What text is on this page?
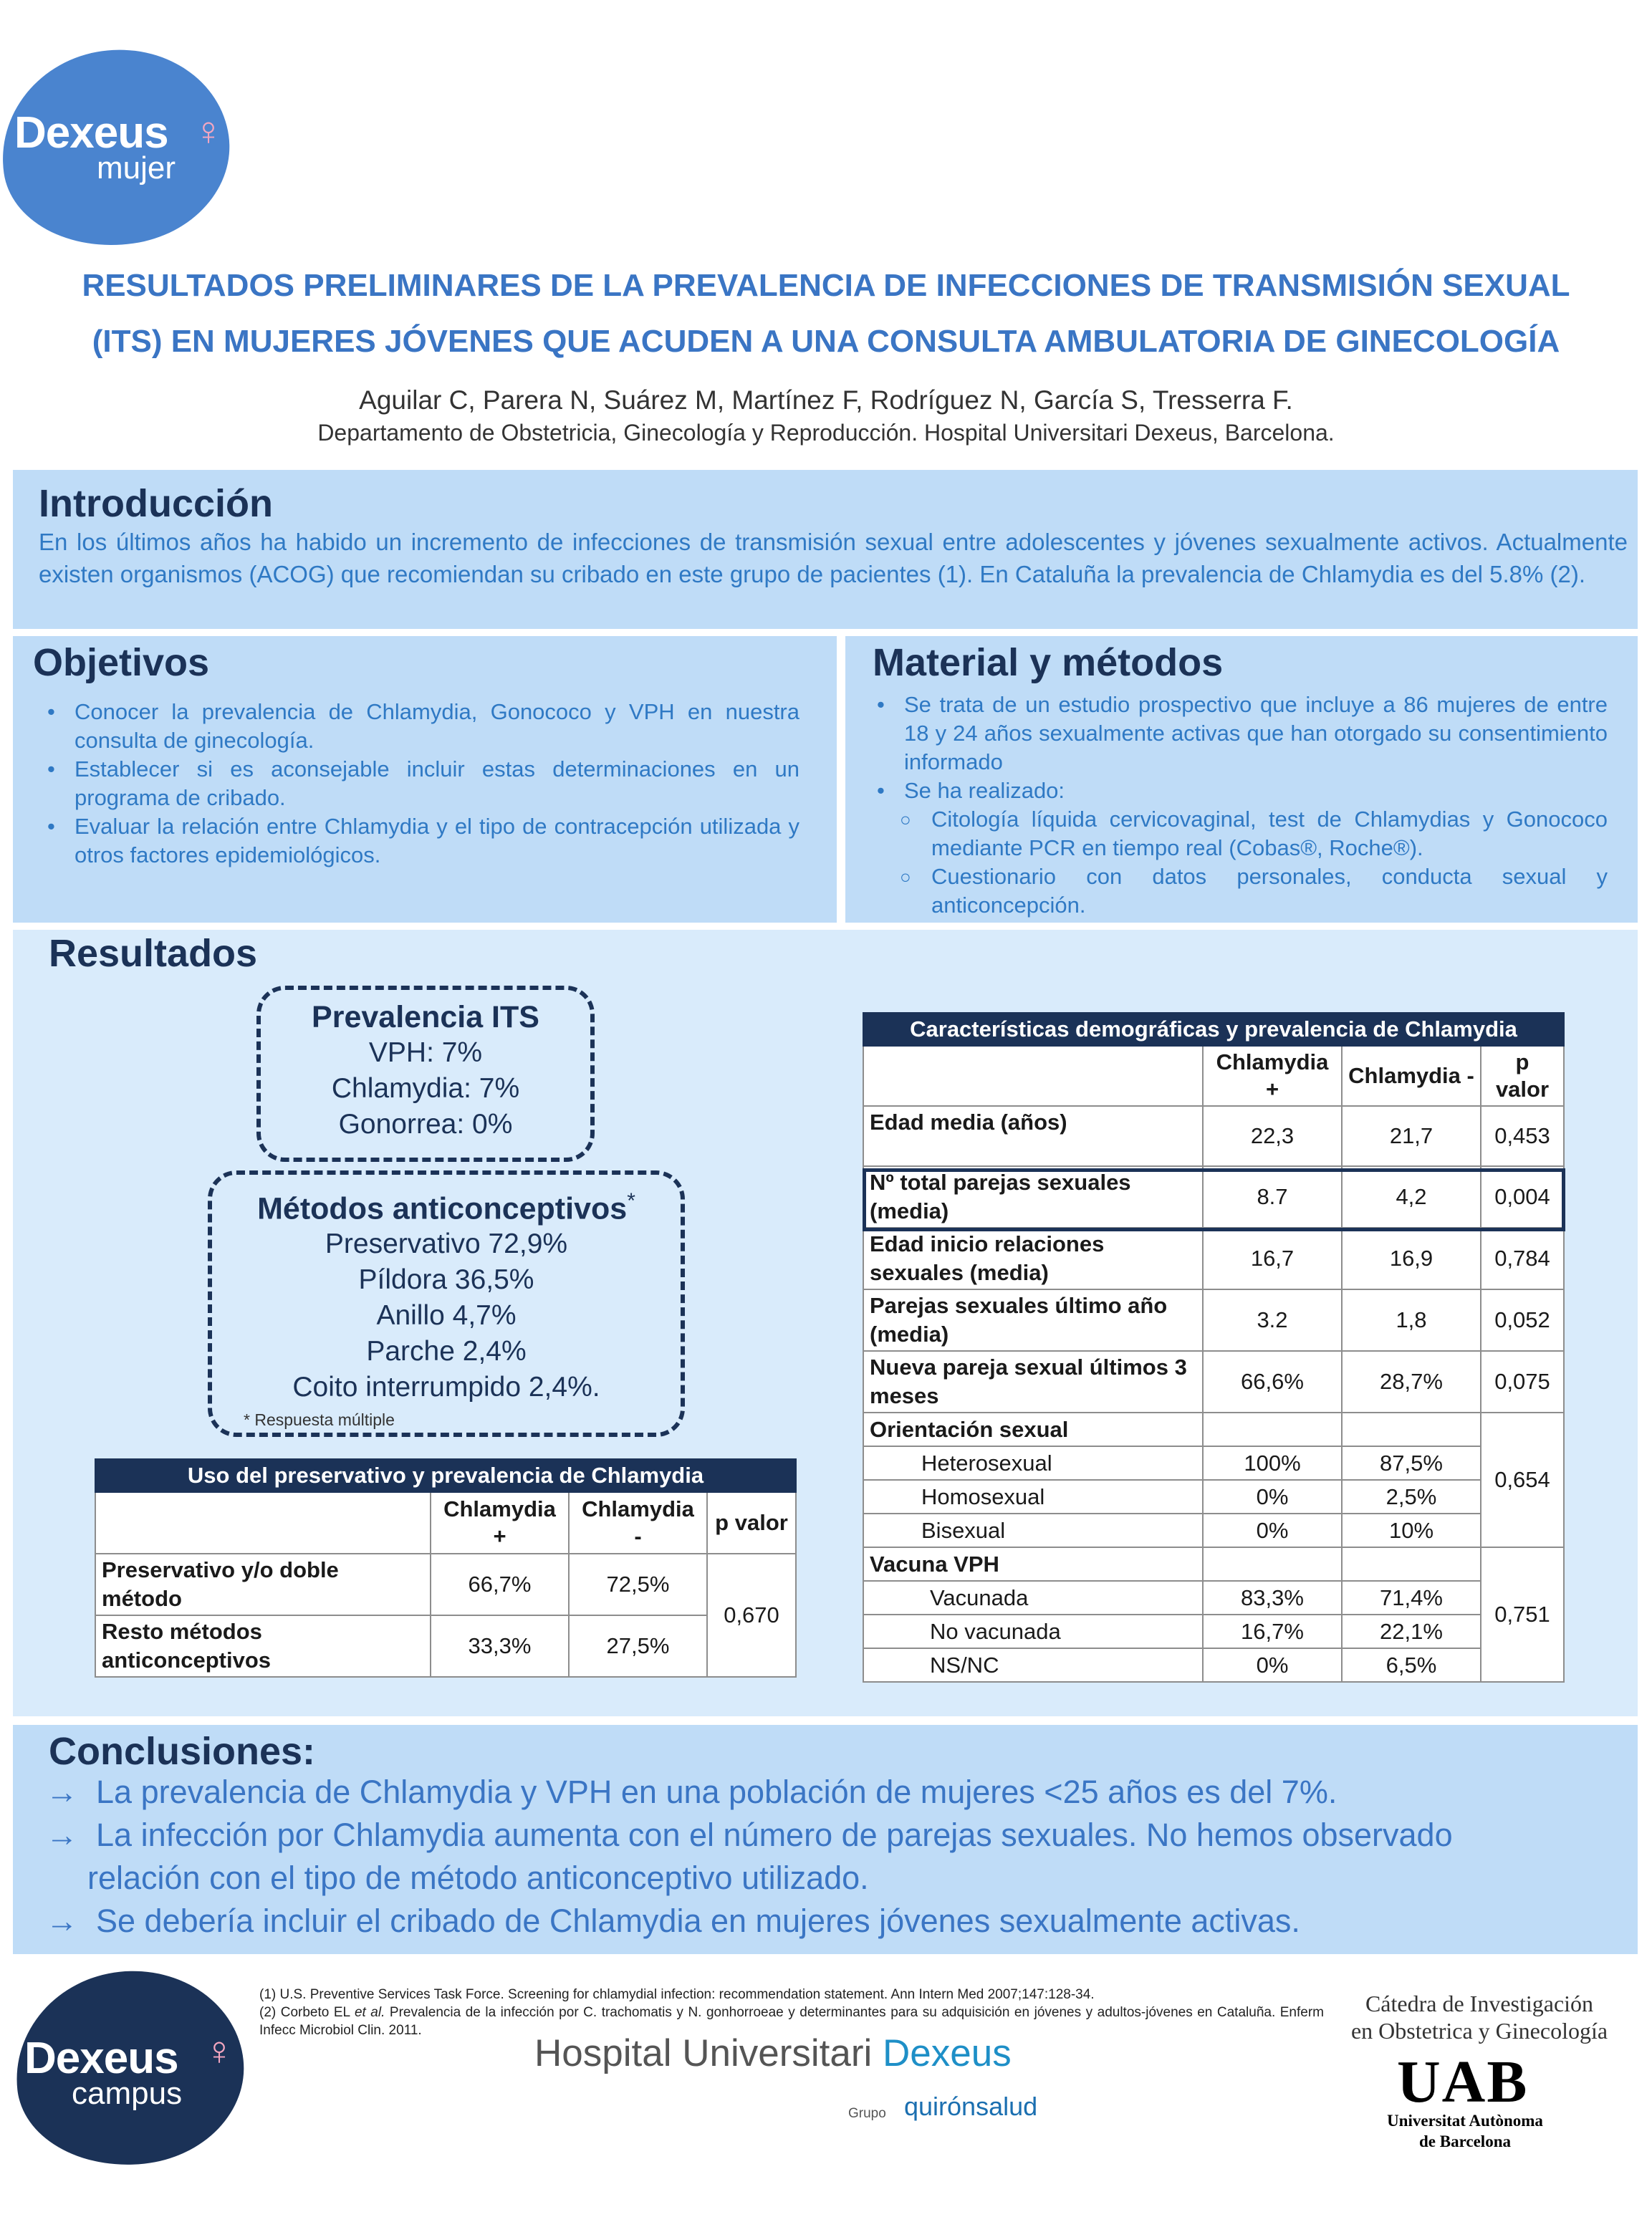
Dexeus ♀
mujer
RESULTADOS PRELIMINARES DE LA PREVALENCIA DE INFECCIONES DE TRANSMISIÓN SEXUAL
(ITS) EN MUJERES JÓVENES QUE ACUDEN A UNA CONSULTA AMBULATORIA DE GINECOLOGÍA
Aguilar C, Parera N, Suárez M, Martínez F, Rodríguez N, García S, Tresserra F.
Departamento de Obstetricia, Ginecología y Reproducción. Hospital Universitari Dexeus, Barcelona.
Introducción
En los últimos años ha habido un incremento de infecciones de transmisión sexual entre adolescentes y jóvenes sexualmente activos. Actualmente existen organismos (ACOG) que recomiendan su cribado en este grupo de pacientes (1). En Cataluña la prevalencia de Chlamydia es del 5.8% (2).
Objetivos
• Conocer la prevalencia de Chlamydia, Gonococo y VPH en nuestra consulta de ginecología.
• Establecer si es aconsejable incluir estas determinaciones en un programa de cribado.
• Evaluar la relación entre Chlamydia y el tipo de contracepción utilizada y otros factores epidemiológicos.
Material y métodos
• Se trata de un estudio prospectivo que incluye a 86 mujeres de entre 18 y 24 años sexualmente activas que han otorgado su consentimiento informado
• Se ha realizado:
○ Citología líquida cervicovaginal, test de Chlamydias y Gonococo mediante PCR en tiempo real (Cobas®, Roche®).
○ Cuestionario con datos personales, conducta sexual y anticoncepción.
Resultados
Prevalencia ITS
VPH: 7%
Chlamydia: 7%
Gonorrea: 0%
Métodos anticonceptivos*
Preservativo 72,9%
Píldora 36,5%
Anillo 4,7%
Parche 2,4%
Coito interrumpido 2,4%.
* Respuesta múltiple
Uso del preservativo y prevalencia de Chlamydia			
	Chlamydia +	Chlamydia -	p valor
Preservativo y/o doble método	66,7%	72,5%	0,670
Resto métodos anticonceptivos	33,3%	27,5%	
Características demográficas y prevalencia de Chlamydia			
	Chlamydia +	Chlamydia -	p valor
Edad media (años)	22,3	21,7	0,453
Nº total parejas sexuales (media)	8.7	4,2	0,004
Edad inicio relaciones sexuales (media)	16,7	16,9	0,784
Parejas sexuales último año (media)	3.2	1,8	0,052
Nueva pareja sexual últimos 3 meses	66,6%	28,7%	0,075
Orientación sexual			0,654
Heterosexual	100%	87,5%	
Homosexual	0%	2,5%	
Bisexual	0%	10%	
Vacuna VPH			0,751
Vacunada	83,3%	71,4%	
No vacunada	16,7%	22,1%	
NS/NC	0%	6,5%	
Conclusiones:
→ La prevalencia de Chlamydia y VPH en una población de mujeres <25 años es del 7%.
→ La infección por Chlamydia aumenta con el número de parejas sexuales. No hemos observado
relación con el tipo de método anticonceptivo utilizado.
→ Se debería incluir el cribado de Chlamydia en mujeres jóvenes sexualmente activas.
(1) U.S. Preventive Services Task Force. Screening for chlamydial infection: recommendation statement. Ann Intern Med 2007;147:128-34.
(2) Corbeto EL et al. Prevalencia de la infección por C. trachomatis y N. gonhorroeae y determinantes para su adquisición en jóvenes y adultos-jóvenes en Cataluña. Enferm Infecc Microbiol Clin. 2011.
Dexeus ♀
campus
Hospital Universitari Dexeus
Grupo quirónsalud
Cátedra de Investigación
en Obstetrica y Ginecología
UAB
Universitat Autònoma
de Barcelona
